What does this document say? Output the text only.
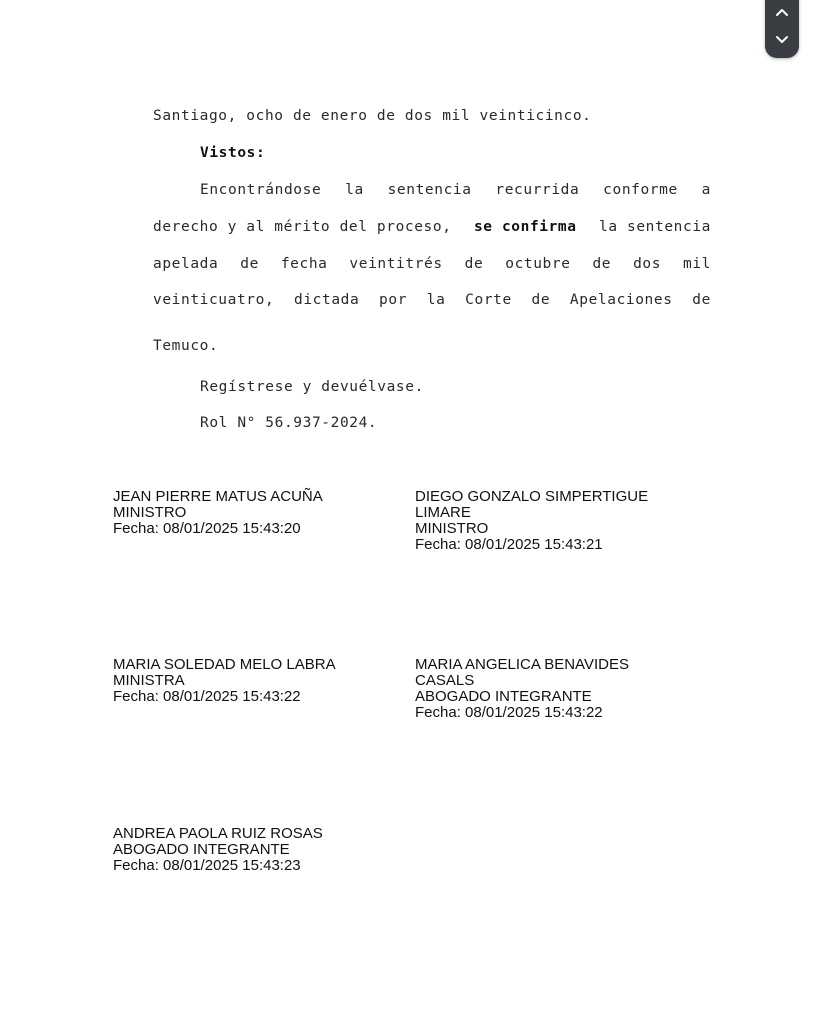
Santiago, ocho de enero de dos mil veinticinco.
Vistos:
Encontrándose la sentencia recurrida conforme a
derecho y al mérito del proceso, se confirma la sentencia
apelada de fecha veintitrés de octubre de dos mil
veinticuatro, dictada por la Corte de Apelaciones de
Temuco.
Regístrese y devuélvase.
Rol N° 56.937-2024.
JEAN PIERRE MATUS ACUÑA
MINISTRO
Fecha: 08/01/2025 15:43:20
DIEGO GONZALO SIMPERTIGUE
LIMARE
MINISTRO
Fecha: 08/01/2025 15:43:21
MARIA SOLEDAD MELO LABRA
MINISTRA
Fecha: 08/01/2025 15:43:22
MARIA ANGELICA BENAVIDES
CASALS
ABOGADO INTEGRANTE
Fecha: 08/01/2025 15:43:22
ANDREA PAOLA RUIZ ROSAS
ABOGADO INTEGRANTE
Fecha: 08/01/2025 15:43:23
